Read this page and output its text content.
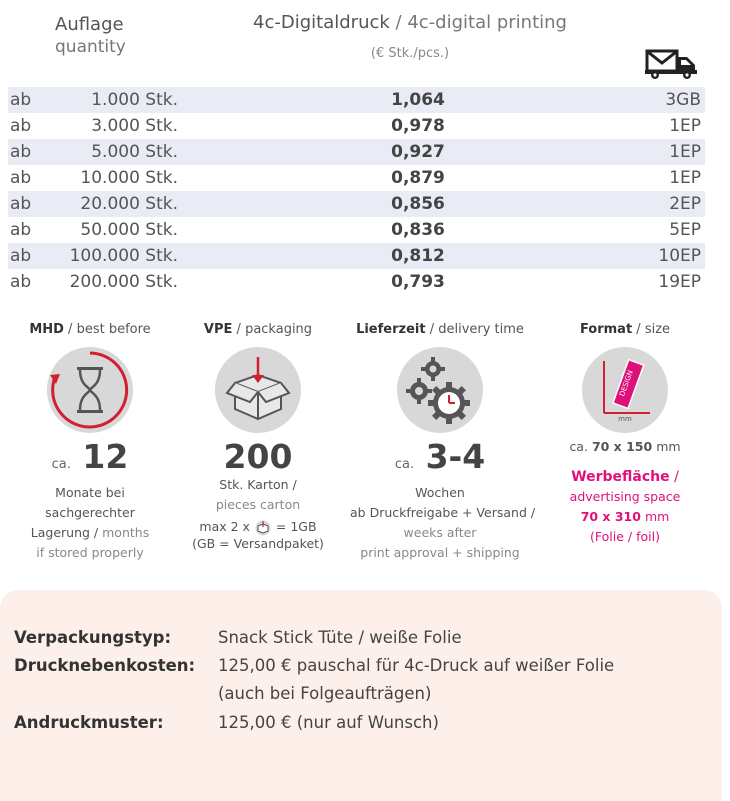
Auflage
quantity
4c-Digitaldruck / 4c-digital printing
(€ Stk./pcs.)
ab	1.000 Stk.	1,064	3GB
ab	3.000 Stk.	0,978	1EP
ab	5.000 Stk.	0,927	1EP
ab	10.000 Stk.	0,879	1EP
ab	20.000 Stk.	0,856	2EP
ab	50.000 Stk.	0,836	5EP
ab	100.000 Stk.	0,812	10EP
ab	200.000 Stk.	0,793	19EP
MHD / best before
ca. 12
Monate bei
sachgerechter
Lagerung / months
if stored properly
VPE / packaging
200
Stk. Karton /
pieces carton
max 2 x = 1GB
(GB = Versandpaket)
Lieferzeit / delivery time
ca. 3-4
Wochen
ab Druckfreigabe + Versand /
weeks after
print approval + shipping
Format / size
DESIGN
mm
ca. 70 x 150 mm
Werbefläche /
advertising space
70 x 310 mm
(Folie / foil)
Verpackungstyp:	Snack Stick Tüte / weiße Folie
Drucknebenkosten: 125,00 € pauschal für 4c-Druck auf weißer Folie
(auch bei Folgeaufträgen)
Andruckmuster:	125,00 € (nur auf Wunsch)
